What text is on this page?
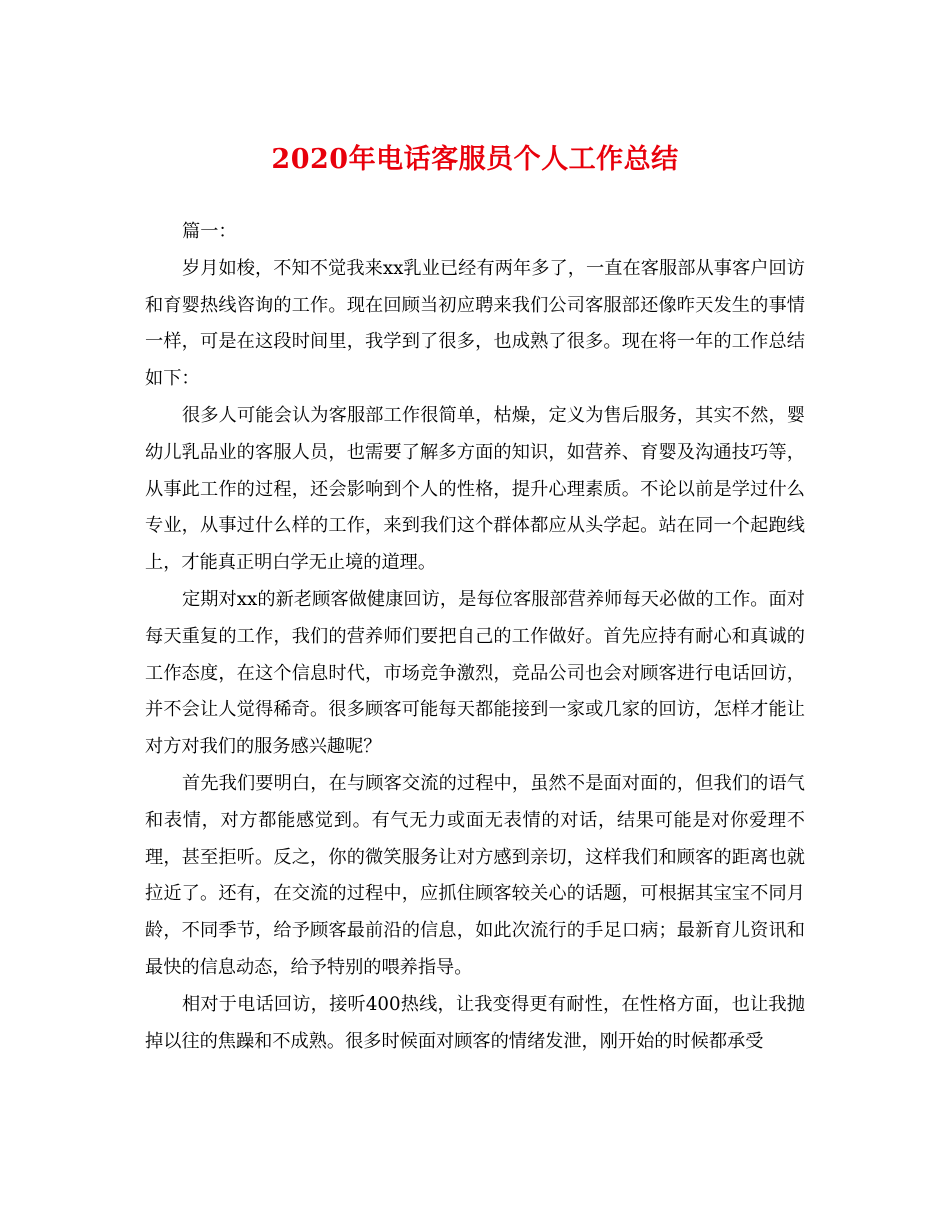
2020年电话客服员个人工作总结

篇一：

岁月如梭，不知不觉我来xx乳业已经有两年多了，一直在客服部从事客户回访和育婴热线咨询的工作。现在回顾当初应聘来我们公司客服部还像昨天发生的事情一样，可是在这段时间里，我学到了很多，也成熟了很多。现在将一年的工作总结如下：

很多人可能会认为客服部工作很简单，枯燥，定义为售后服务，其实不然，婴幼儿乳品业的客服人员，也需要了解多方面的知识，如营养、育婴及沟通技巧等，从事此工作的过程，还会影响到个人的性格，提升心理素质。不论以前是学过什么专业，从事过什么样的工作，来到我们这个群体都应从头学起。站在同一个起跑线上，才能真正明白学无止境的道理。

定期对xx的新老顾客做健康回访，是每位客服部营养师每天必做的工作。面对每天重复的工作，我们的营养师们要把自己的工作做好。首先应持有耐心和真诚的工作态度，在这个信息时代，市场竞争激烈，竞品公司也会对顾客进行电话回访，并不会让人觉得稀奇。很多顾客可能每天都能接到一家或几家的回访，怎样才能让对方对我们的服务感兴趣呢？

首先我们要明白，在与顾客交流的过程中，虽然不是面对面的，但我们的语气和表情，对方都能感觉到。有气无力或面无表情的对话，结果可能是对你爱理不理，甚至拒听。反之，你的微笑服务让对方感到亲切，这样我们和顾客的距离也就拉近了。还有，在交流的过程中，应抓住顾客较关心的话题，可根据其宝宝不同月龄，不同季节，给予顾客最前沿的信息，如此次流行的手足口病；最新育儿资讯和最快的信息动态，给予特别的喂养指导。

相对于电话回访，接听400热线，让我变得更有耐性，在性格方面，也让我抛掉以往的焦躁和不成熟。很多时候面对顾客的情绪发泄，刚开始的时候都承受
